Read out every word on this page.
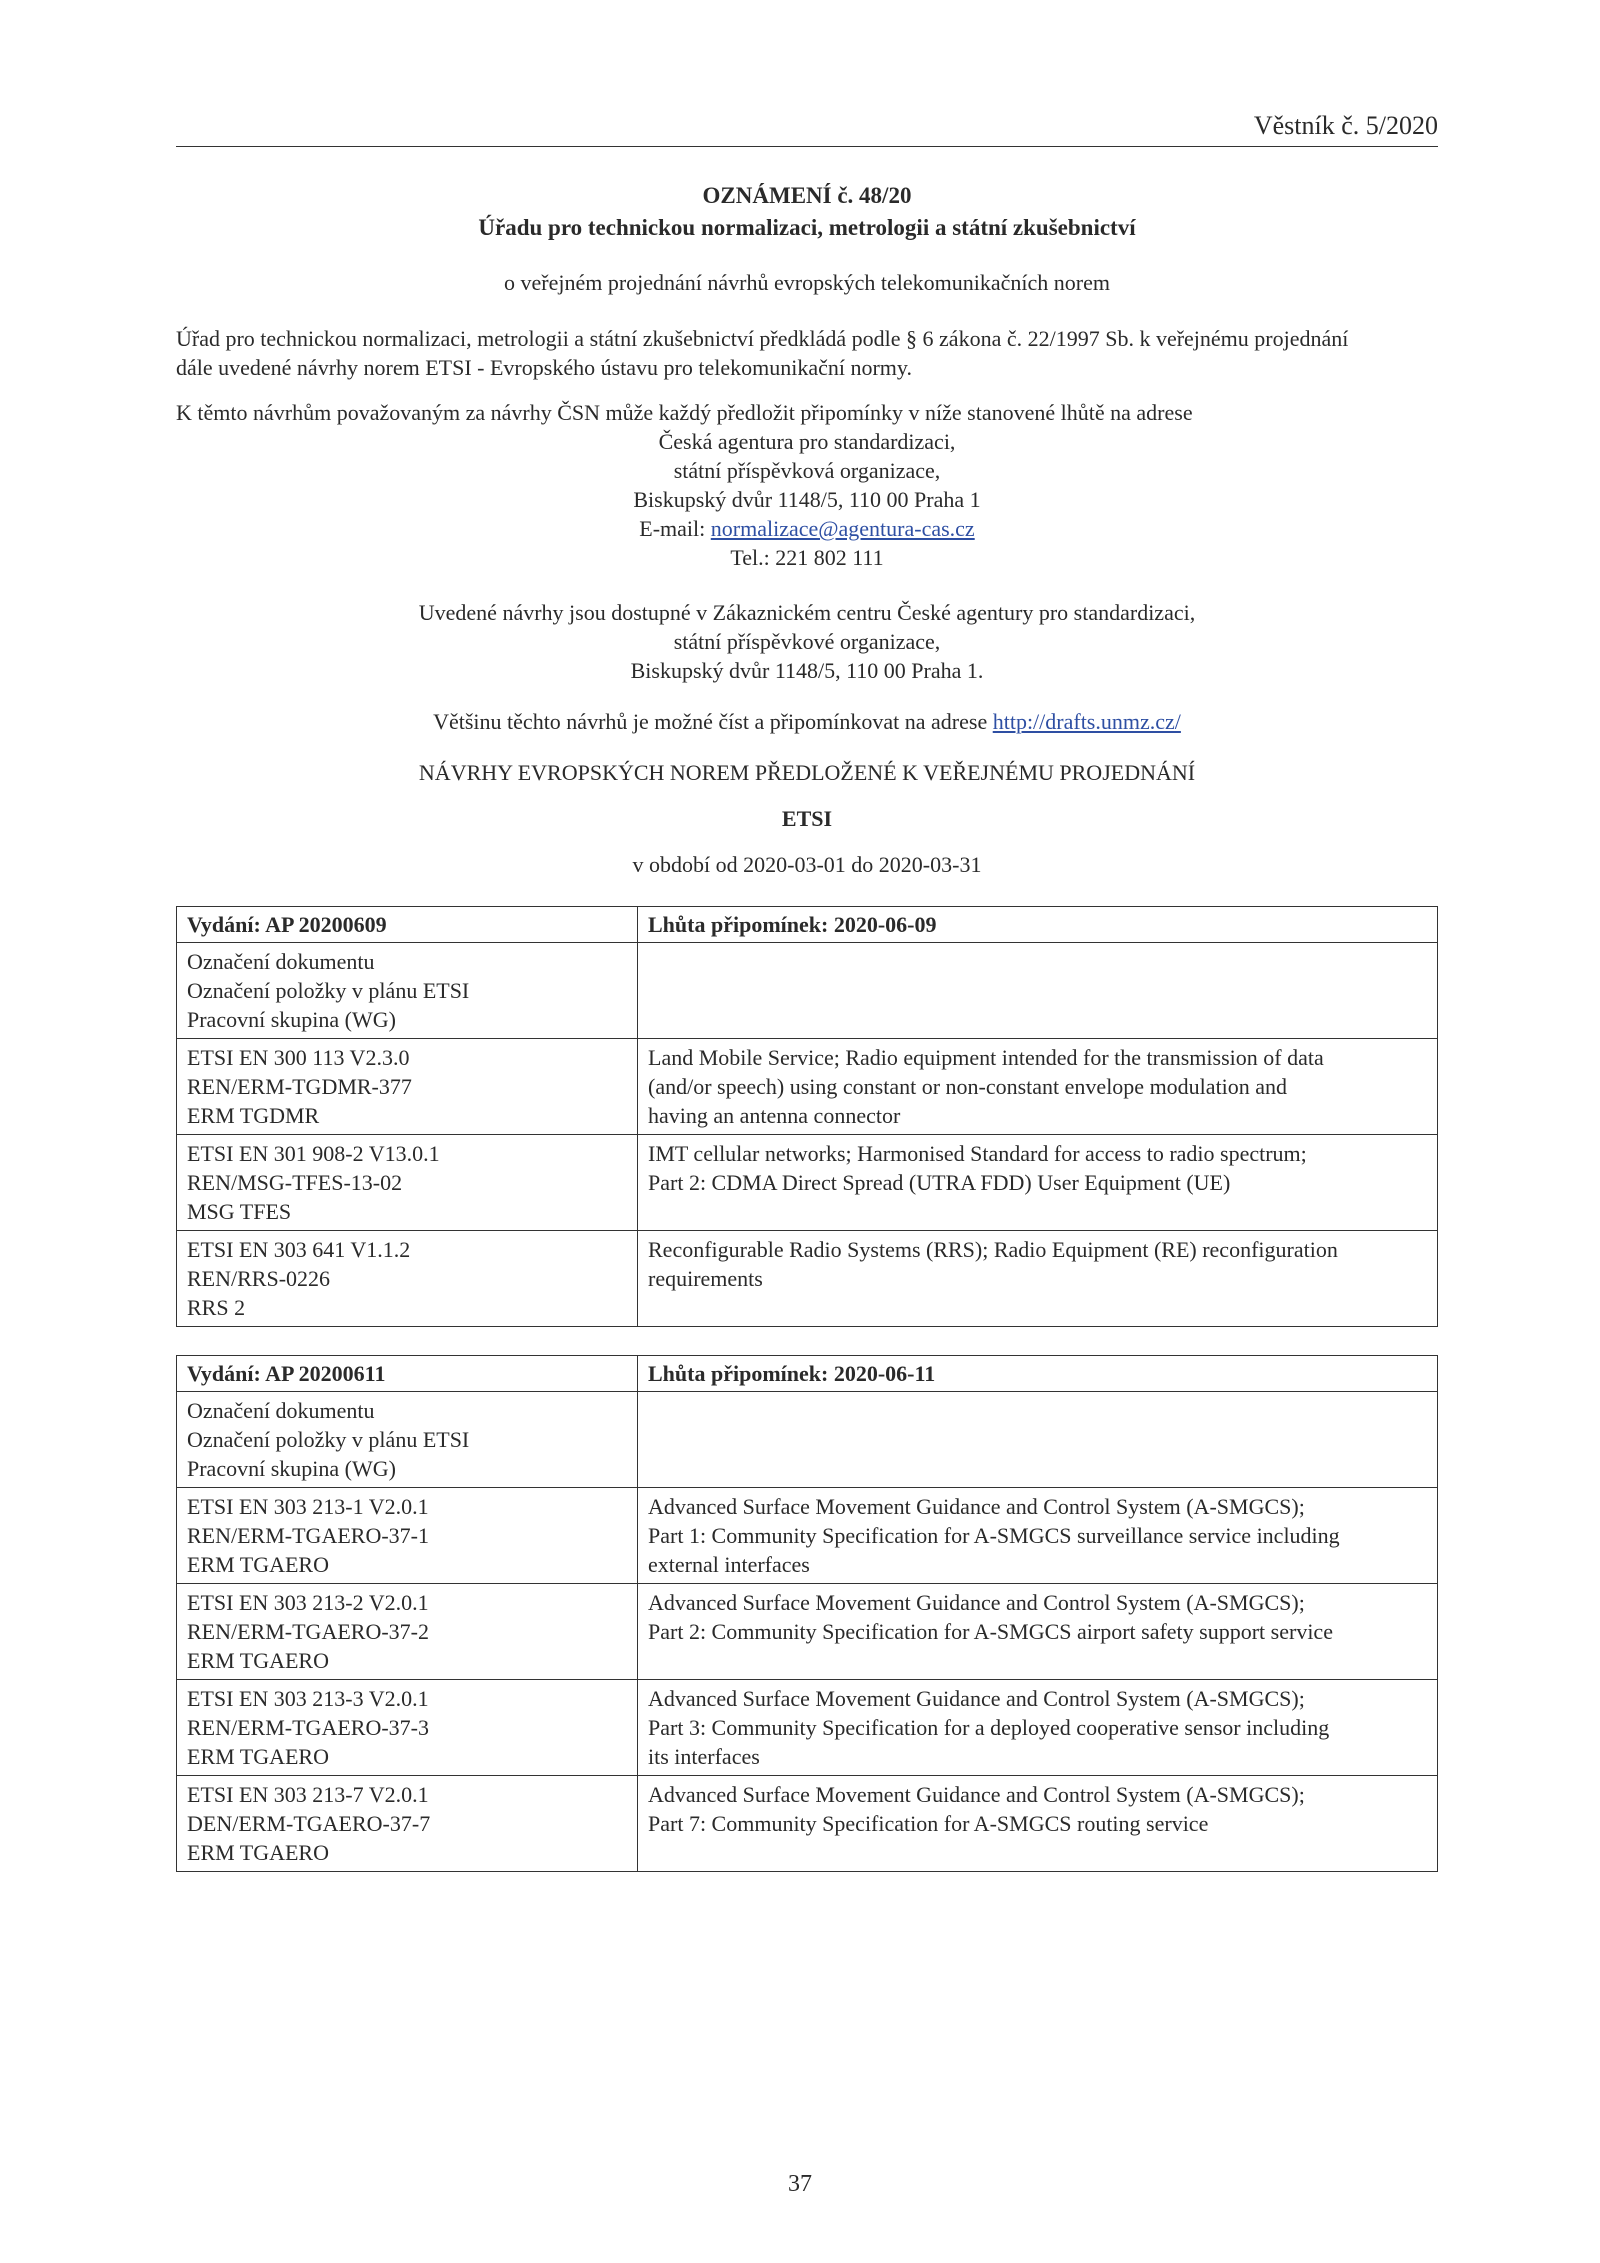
Věstník č. 5/2020
OZNÁMENÍ č. 48/20
Úřadu pro technickou normalizaci, metrologii a státní zkušebnictví
o veřejném projednání návrhů evropských telekomunikačních norem
Úřad pro technickou normalizaci, metrologii a státní zkušebnictví předkládá podle § 6 zákona č. 22/1997 Sb. k veřejnému projednání
dále uvedené návrhy norem ETSI - Evropského ústavu pro telekomunikační normy.
K těmto návrhům považovaným za návrhy ČSN může každý předložit připomínky v níže stanovené lhůtě na adrese
Česká agentura pro standardizaci,
státní příspěvková organizace,
Biskupský dvůr 1148/5, 110 00 Praha 1
E-mail: normalizace@agentura-cas.cz
Tel.: 221 802 111
Uvedené návrhy jsou dostupné v Zákaznickém centru České agentury pro standardizaci,
státní příspěvkové organizace,
Biskupský dvůr 1148/5, 110 00 Praha 1.
Většinu těchto návrhů je možné číst a připomínkovat na adrese http://drafts.unmz.cz/
NÁVRHY EVROPSKÝCH NOREM PŘEDLOŽENÉ K VEŘEJNÉMU PROJEDNÁNÍ
ETSI
v období od 2020-03-01 do 2020-03-31
Vydání: AP 20200609	Lhůta připomínek: 2020-06-09

Označení dokumentu
Označení položky v plánu ETSI
Pracovní skupina (WG)	

ETSI EN 300 113 V2.3.0
REN/ERM-TGDMR-377
ERM TGDMR	Land Mobile Service; Radio equipment intended for the transmission of data
(and/or speech) using constant or non-constant envelope modulation and
having an antenna connector

ETSI EN 301 908-2 V13.0.1
REN/MSG-TFES-13-02
MSG TFES	IMT cellular networks; Harmonised Standard for access to radio spectrum;
Part 2: CDMA Direct Spread (UTRA FDD) User Equipment (UE)

ETSI EN 303 641 V1.1.2
REN/RRS-0226
RRS 2	Reconfigurable Radio Systems (RRS); Radio Equipment (RE) reconfiguration
requirements
Vydání: AP 20200611	Lhůta připomínek: 2020-06-11

Označení dokumentu
Označení položky v plánu ETSI
Pracovní skupina (WG)	

ETSI EN 303 213-1 V2.0.1
REN/ERM-TGAERO-37-1
ERM TGAERO	Advanced Surface Movement Guidance and Control System (A-SMGCS);
Part 1: Community Specification for A-SMGCS surveillance service including
external interfaces

ETSI EN 303 213-2 V2.0.1
REN/ERM-TGAERO-37-2
ERM TGAERO	Advanced Surface Movement Guidance and Control System (A-SMGCS);
Part 2: Community Specification for A-SMGCS airport safety support service

ETSI EN 303 213-3 V2.0.1
REN/ERM-TGAERO-37-3
ERM TGAERO	Advanced Surface Movement Guidance and Control System (A-SMGCS);
Part 3: Community Specification for a deployed cooperative sensor including
its interfaces

ETSI EN 303 213-7 V2.0.1
DEN/ERM-TGAERO-37-7
ERM TGAERO	Advanced Surface Movement Guidance and Control System (A-SMGCS);
Part 7: Community Specification for A-SMGCS routing service
37
